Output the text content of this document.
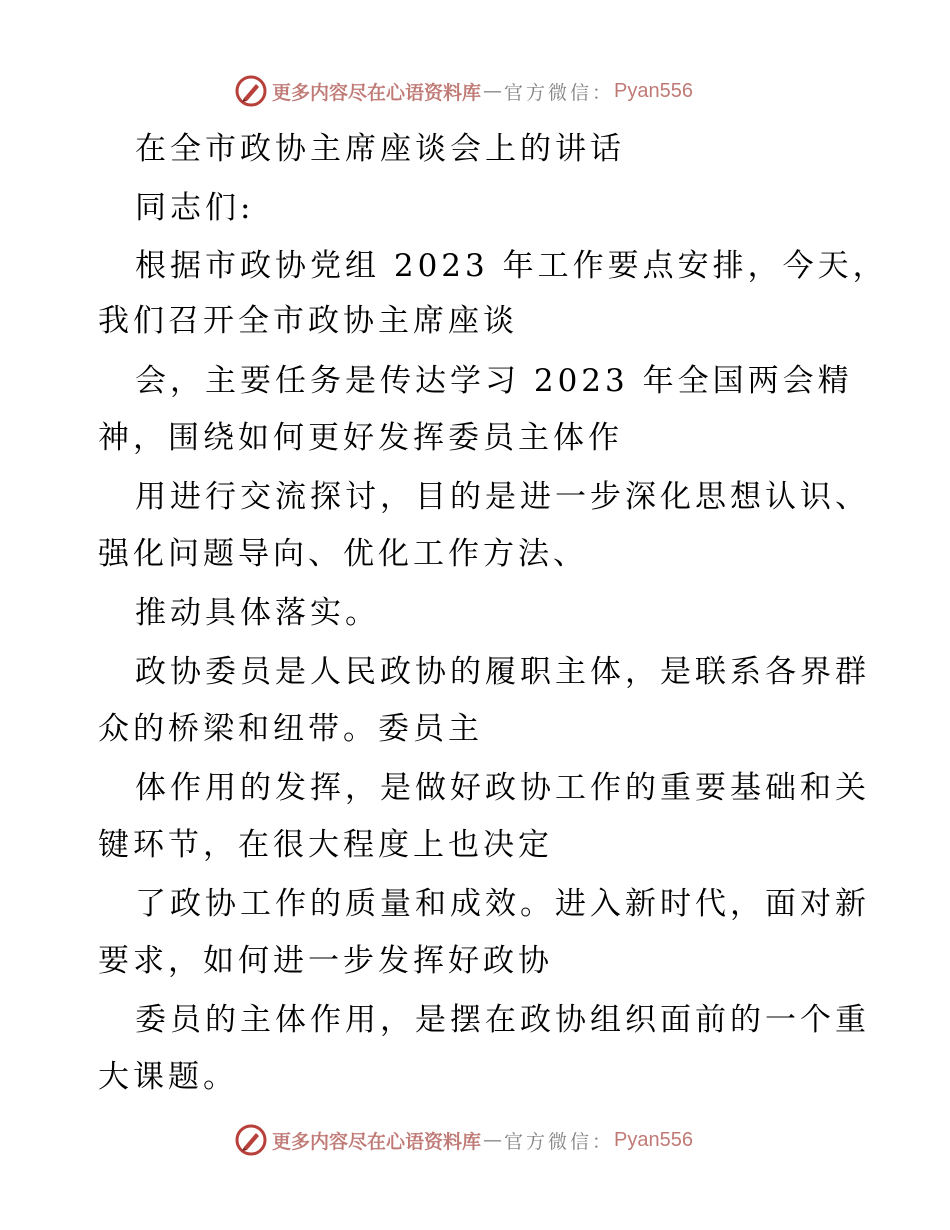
更多内容尽在心语资料库 — 官方微信： Pyan556
在全市政协主席座谈会上的讲话
同志们:
根据市政协党组 2023 年工作要点安排，今天，
我们召开全市政协主席座谈
会，主要任务是传达学习 2023 年全国两会精
神，围绕如何更好发挥委员主体作
用进行交流探讨，目的是进一步深化思想认识、
强化问题导向、优化工作方法、
推动具体落实。
政协委员是人民政协的履职主体，是联系各界群
众的桥梁和纽带。委员主
体作用的发挥，是做好政协工作的重要基础和关
键环节，在很大程度上也决定
了政协工作的质量和成效。进入新时代，面对新
要求，如何进一步发挥好政协
委员的主体作用，是摆在政协组织面前的一个重
大课题。
更多内容尽在心语资料库 — 官方微信： Pyan556
